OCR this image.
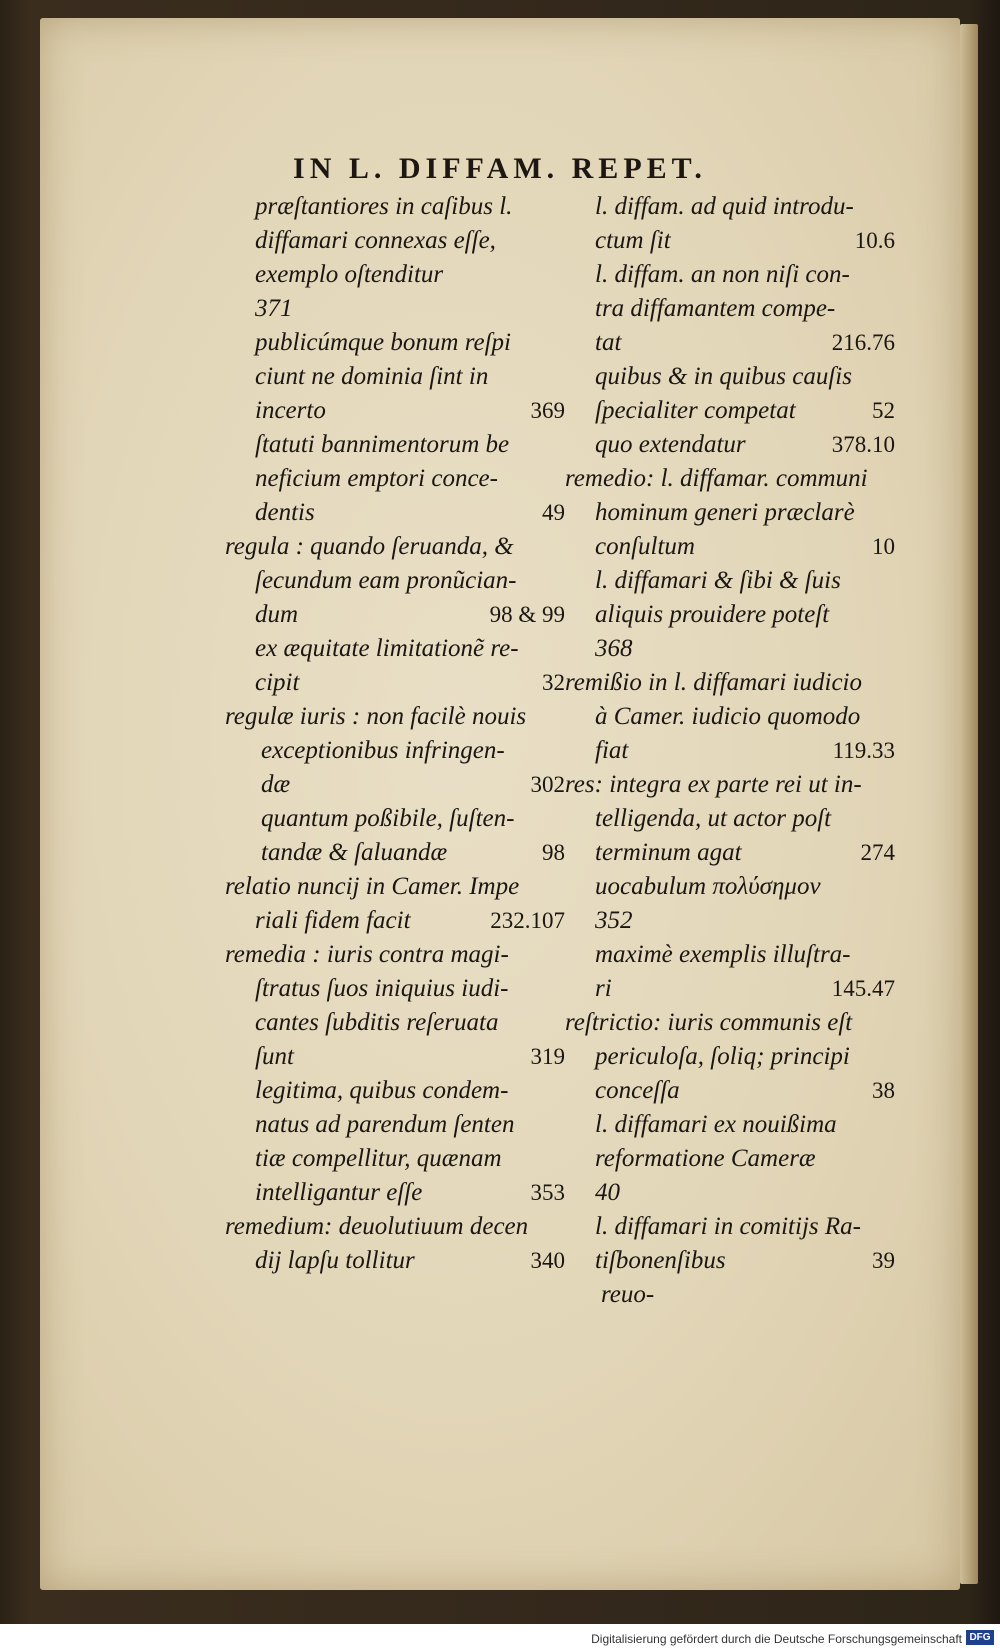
IN L. DIFFAM. REPET.
præſtantiores in caſibus l.
diffamari connexas eſſe,
exemplo oſtenditur
371
publicúmque bonum reſpi
ciunt ne dominia ſint in
incerto	369
ſtatuti bannimentorum be
neficium emptori conce-
dentis	49
regula : quando ſeruanda, &
ſecundum eam pronũcian-
dum	98 & 99
ex æquitate limitationẽ re-
cipit	32
regulæ iuris : non facilè nouis
exceptionibus infringen-
dæ	302
quantum poßibile, ſuſten-
tandæ & ſaluandæ	98
relatio nuncij in Camer. Impe
riali fidem facit	232.107
remedia : iuris contra magi-
ſtratus ſuos iniquius iudi-
cantes ſubditis reſeruata
ſunt	319
legitima, quibus condem-
natus ad parendum ſenten
tiæ compellitur, quænam
intelligantur eſſe	353
remedium: deuolutiuum decen
dij lapſu tollitur	340
l. diffam. ad quid introdu-
ctum ſit	10.6
l. diffam. an non niſi con-
tra diffamantem compe-
tat	216.76
quibus & in quibus cauſis
ſpecialiter competat	52
quo extendatur	378.10
remedio: l. diffamar. communi
hominum generi præclarè
conſultum	10
l. diffamari & ſibi & ſuis
aliquis prouidere poteſt
368
remißio in l. diffamari iudicio
à Camer. iudicio quomodo
fiat	119.33
res: integra ex parte rei ut in-
telligenda, ut actor poſt
terminum agat	274
uocabulum πολύσημον
352
maximè exemplis illuſtra-
ri	145.47
reſtrictio: iuris communis eſt
periculoſa, ſoliq; principi
conceſſa	38
l. diffamari ex nouißima
reformatione Cameræ
40
l. diffamari in comitijs Ra-
tiſbonenſibus	39
reuo-
Digitalisierung gefördert durch die Deutsche Forschungsgemeinschaft DFG
